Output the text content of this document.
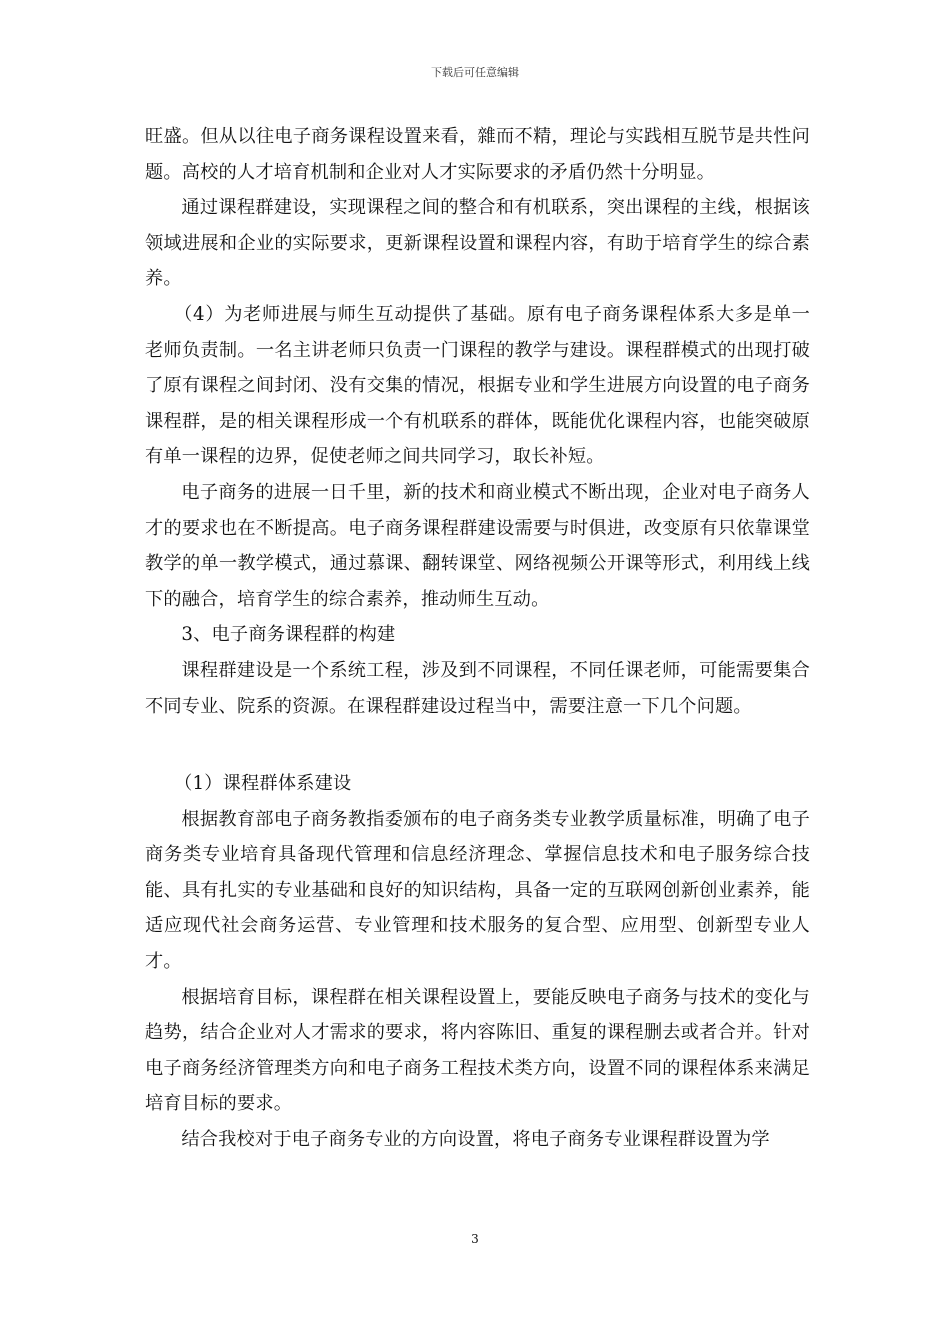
下载后可任意编辑

旺盛。但从以往电子商务课程设置来看，雜而不精，理论与实践相互脱节是共性问题。高校的人才培育机制和企业对人才实际要求的矛盾仍然十分明显。

通过课程群建设，实现课程之间的整合和有机联系，突出课程的主线，根据该领域进展和企业的实际要求，更新课程设置和课程内容，有助于培育学生的综合素养。

（4）为老师进展与师生互动提供了基础。原有电子商务课程体系大多是单一老师负责制。一名主讲老师只负责一门课程的教学与建设。课程群模式的出现打破了原有课程之间封闭、没有交集的情况，根据专业和学生进展方向设置的电子商务课程群，是的相关课程形成一个有机联系的群体，既能优化课程内容，也能突破原有单一课程的边界，促使老师之间共同学习，取长补短。

电子商务的进展一日千里，新的技术和商业模式不断出现，企业对电子商务人才的要求也在不断提高。电子商务课程群建设需要与时俱进，改变原有只依靠课堂教学的单一教学模式，通过慕课、翻转课堂、网络视频公开课等形式，利用线上线下的融合，培育学生的综合素养，推动师生互动。

3、电子商务课程群的构建

课程群建设是一个系统工程，涉及到不同课程，不同任课老师，可能需要集合不同专业、院系的资源。在课程群建设过程当中，需要注意一下几个问题。

（1）课程群体系建设

根据教育部电子商务教指委颁布的电子商务类专业教学质量标准，明确了电子商务类专业培育具备现代管理和信息经济理念、掌握信息技术和电子服务综合技能、具有扎实的专业基础和良好的知识结构，具备一定的互联网创新创业素养，能适应现代社会商务运营、专业管理和技术服务的复合型、应用型、创新型专业人才。

根据培育目标，课程群在相关课程设置上，要能反映电子商务与技术的变化与趋势，结合企业对人才需求的要求，将内容陈旧、重复的课程删去或者合并。针对电子商务经济管理类方向和电子商务工程技术类方向，设置不同的课程体系来满足培育目标的要求。

结合我校对于电子商务专业的方向设置，将电子商务专业课程群设置为学

3
